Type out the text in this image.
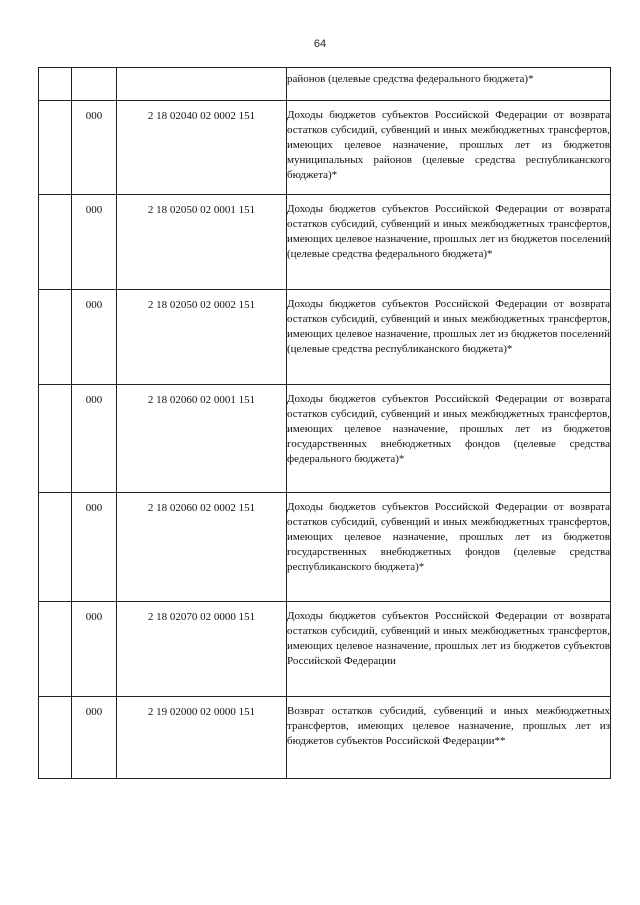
64
			районов (целевые средства федерального бюджета)*
	000	2 18 02040 02 0002 151	Доходы бюджетов субъектов Российской Федерации от возврата остатков субсидий, субвенций и иных межбюджетных трансфертов, имеющих целевое назначение, прошлых лет из бюджетов муниципальных районов (целевые средства республиканского бюджета)*
	000	2 18 02050 02 0001 151	Доходы бюджетов субъектов Российской Федерации от возврата остатков субсидий, субвенций и иных межбюджетных трансфертов, имеющих целевое назначение, прошлых лет из бюджетов поселений (целевые средства федерального бюджета)*
	000	2 18 02050 02 0002 151	Доходы бюджетов субъектов Российской Федерации от возврата остатков субсидий, субвенций и иных межбюджетных трансфертов, имеющих целевое назначение, прошлых лет из бюджетов поселений (целевые средства республиканского бюджета)*
	000	2 18 02060 02 0001 151	Доходы бюджетов субъектов Российской Федерации от возврата остатков субсидий, субвенций и иных межбюджетных трансфертов, имеющих целевое назначение, прошлых лет из бюджетов государственных внебюджетных фондов (целевые средства федерального бюджета)*
	000	2 18 02060 02 0002 151	Доходы бюджетов субъектов Российской Федерации от возврата остатков субсидий, субвенций и иных межбюджетных трансфертов, имеющих целевое назначение, прошлых лет из бюджетов государственных внебюджетных фондов (целевые средства республиканского бюджета)*
	000	2 18 02070 02 0000 151	Доходы бюджетов субъектов Российской Федерации от возврата остатков субсидий, субвенций и иных межбюджетных трансфертов, имеющих целевое назначение, прошлых лет из бюджетов субъектов Российской Федерации
	000	2 19 02000 02 0000 151	Возврат остатков субсидий, субвенций и иных межбюджетных трансфертов, имеющих целевое назначение, прошлых лет из бюджетов субъектов Российской Федерации**
